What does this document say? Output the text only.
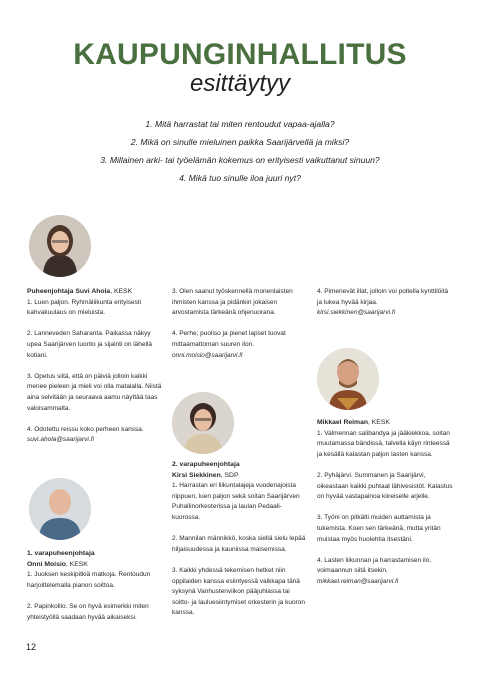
KAUPUNGINHALLITUS
esittäytyy
1. Mitä harrastat tai miten rentoudut vapaa-ajalla?
2. Mikä on sinulle mieluinen paikka Saarijärvellä ja miksi?
3. Millainen arki- tai työelämän kokemus on erityisesti vaikuttanut sinuun?
4. Mikä tuo sinulle iloa juuri nyt?
Puheenjohtaja Suvi Ahola, KESK

1. Luen paljon. Ryhmäliikunta erityisesti kahvakuulaus on mieluista.

2. Lanneveden Saharanta. Paikassa näkyy upea Saarijärven luonto ja sijainti on lähellä kotiani.

3. Opetus siitä, että on päiviä jolloin kaikki menee pieleen ja mieli voi olla matalalla. Niistä aina selvitään ja seuraava aamu näyttää taas valoisammalta.

4. Odotettu reissu koko perheen kanssa.

suvi.ahola@saarijarvi.fi
1. varapuheenjohtaja
Onni Moisio, KESK

1. Juoksen keskipitkiä matkoja. Rentoudun harjoittelemalla pianon soittoa.

2. Papinkollio. Se on hyvä esimerkki miten yhteistyöllä saadaan hyvää aikaiseksi.

3. Olen saanut työskennellä monenlaisten ihmisten kanssa ja pidänkin jokaisen arvostamista tärkeänä ohjenuorana.

4. Perhe; puoliso ja pienet lapset tuovat mittaamattoman suuren ilon.

onni.moisio@saarijarvi.fi
2. varapuheenjohtaja
Kirsi Siekkinen, SDP

1. Harrastan eri liikuntalajeja vuodenajoista riippuen, luen paljon sekä soitan Saarijärven Puhallinorkesterissa ja laulan Pedaali-kuorossa.

2. Mannilan männikkö, koska siellä sielu lepää hiljaisuudessa ja kauniissa maisemissa.

3. Kaikki yhdessä tekemisen hetket niin oppilaiden kanssa esiintyessä vaikkapa tänä syksynä Vanhustenviikon pääjuhlassa tai soitto- ja lauluesiintymiset orkesterin ja kuoron kanssa.

4. Pimenevät illat, jolloin voi poltella kynttilöitä ja lukea hyvää kirjaa.

kirsi.siekkinen@saarijarvi.fi
Mikkael Reiman, KESK

1. Valmennan salibandya ja jääkiekkoa, soitan muutamassa bändissä, talvella käyn rinteessä ja kesällä kalastan paljon lasten kanssa.

2. Pyhäjärvi. Summanen ja Saarijärvi, oikeastaan kaikki puhtaat lähivesistöt. Kalastus on hyvää vastapainoa kiireiselle arjelle.

3. Työni on pitkälti muiden auttamista ja tukemista. Koen sen tärkeänä, mutta yritän muistaa myös huolehtia itsestäni.

4. Lasten liikunnan ja harrastamisen ilo, voimaannun siitä itsekin.

mikkael.reiman@saarijarvi.fi
12
